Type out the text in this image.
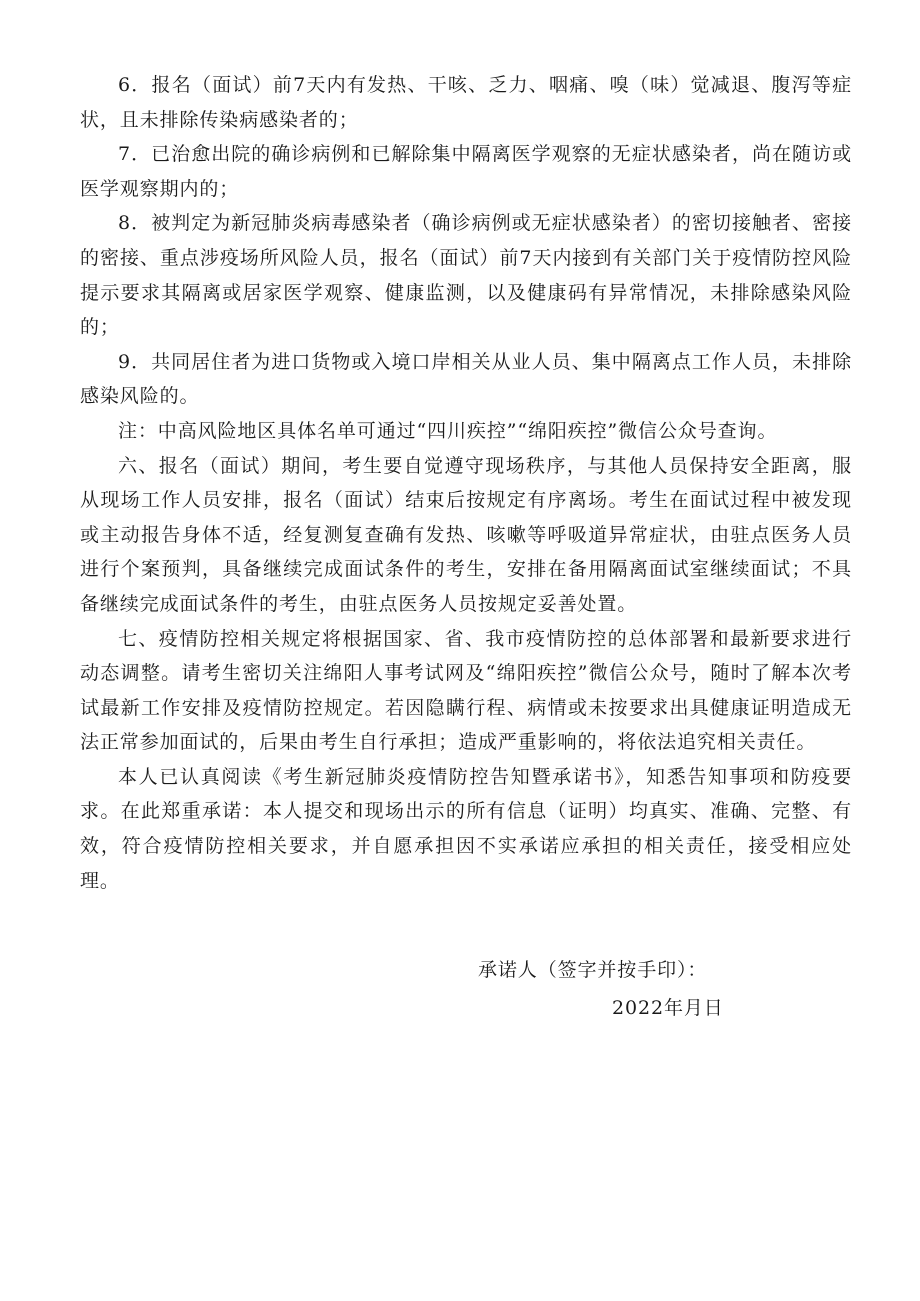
6．报名（面试）前7天内有发热、干咳、乏力、咽痛、嗅（味）觉减退、腹泻等症状，且未排除传染病感染者的；

7．已治愈出院的确诊病例和已解除集中隔离医学观察的无症状感染者，尚在随访或医学观察期内的；

8．被判定为新冠肺炎病毒感染者（确诊病例或无症状感染者）的密切接触者、密接的密接、重点涉疫场所风险人员，报名（面试）前7天内接到有关部门关于疫情防控风险提示要求其隔离或居家医学观察、健康监测，以及健康码有异常情况，未排除感染风险的；

9．共同居住者为进口货物或入境口岸相关从业人员、集中隔离点工作人员，未排除感染风险的。

注：中高风险地区具体名单可通过“四川疾控”“绵阳疾控”微信公众号查询。

六、报名（面试）期间，考生要自觉遵守现场秩序，与其他人员保持安全距离，服从现场工作人员安排，报名（面试）结束后按规定有序离场。考生在面试过程中被发现或主动报告身体不适，经复测复查确有发热、咳嗽等呼吸道异常症状，由驻点医务人员进行个案预判，具备继续完成面试条件的考生，安排在备用隔离面试室继续面试；不具备继续完成面试条件的考生，由驻点医务人员按规定妥善处置。

七、疫情防控相关规定将根据国家、省、我市疫情防控的总体部署和最新要求进行动态调整。请考生密切关注绵阳人事考试网及“绵阳疾控”微信公众号，随时了解本次考试最新工作安排及疫情防控规定。若因隐瞒行程、病情或未按要求出具健康证明造成无法正常参加面试的，后果由考生自行承担；造成严重影响的，将依法追究相关责任。

本人已认真阅读《考生新冠肺炎疫情防控告知暨承诺书》，知悉告知事项和防疫要求。在此郑重承诺：本人提交和现场出示的所有信息（证明）均真实、准确、完整、有效，符合疫情防控相关要求，并自愿承担因不实承诺应承担的相关责任，接受相应处理。

承诺人（签字并按手印）：
2022年月日
